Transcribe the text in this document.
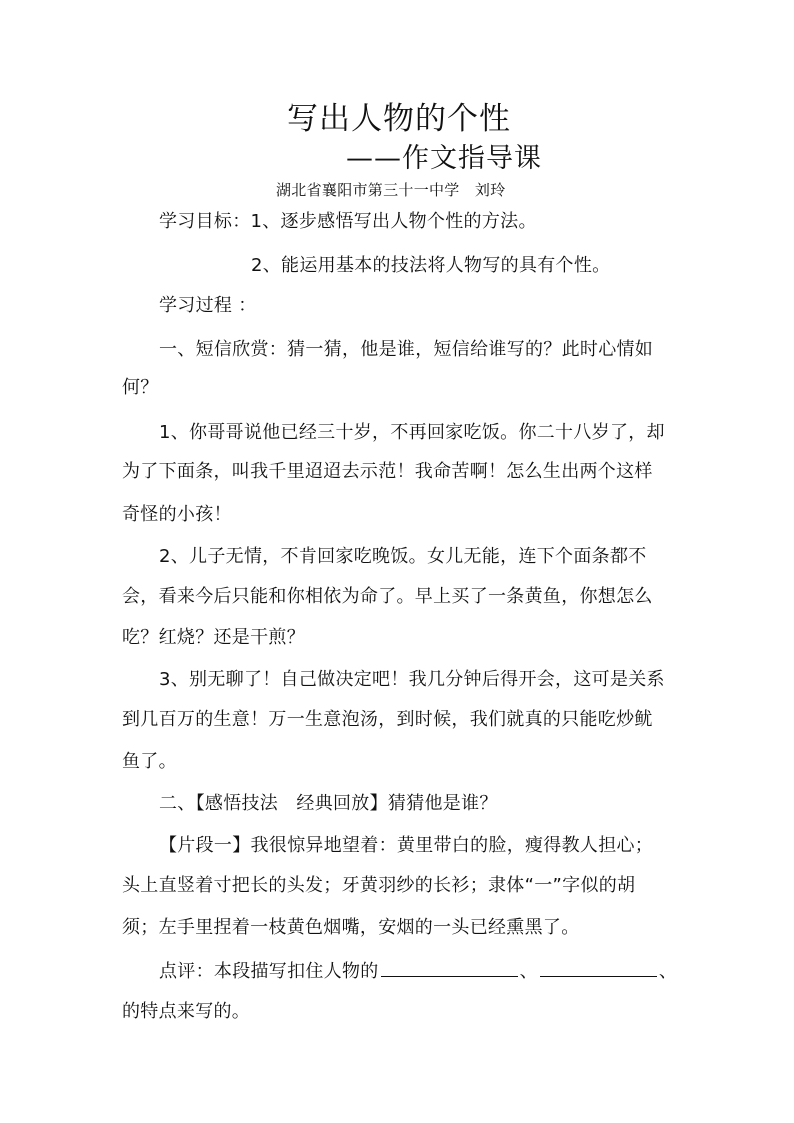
写出人物的个性
——作文指导课

湖北省襄阳市第三十一中学　刘玲

学习目标：1、逐步感悟写出人物个性的方法。

2、能运用基本的技法将人物写的具有个性。

学习过程 ：

一、短信欣赏：猜一猜，他是谁，短信给谁写的？此时心情如

何？

1、你哥哥说他已经三十岁，不再回家吃饭。你二十八岁了，却

为了下面条，叫我千里迢迢去示范！我命苦啊！怎么生出两个这样

奇怪的小孩！

2、儿子无情，不肯回家吃晚饭。女儿无能，连下个面条都不

会，看来今后只能和你相依为命了。早上买了一条黄鱼，你想怎么

吃？红烧？还是干煎？

3、别无聊了！自己做决定吧！我几分钟后得开会，这可是关系

到几百万的生意！万一生意泡汤，到时候，我们就真的只能吃炒鱿

鱼了。

二、【感悟技法　经典回放】猜猜他是谁？

【片段一】我很惊异地望着：黄里带白的脸，瘦得教人担心；

头上直竖着寸把长的头发；牙黄羽纱的长衫；隶体“一”字似的胡

须；左手里捏着一枝黄色烟嘴，安烟的一头已经熏黑了。

点评：本段描写扣住人物的	、	、

的特点来写的。
